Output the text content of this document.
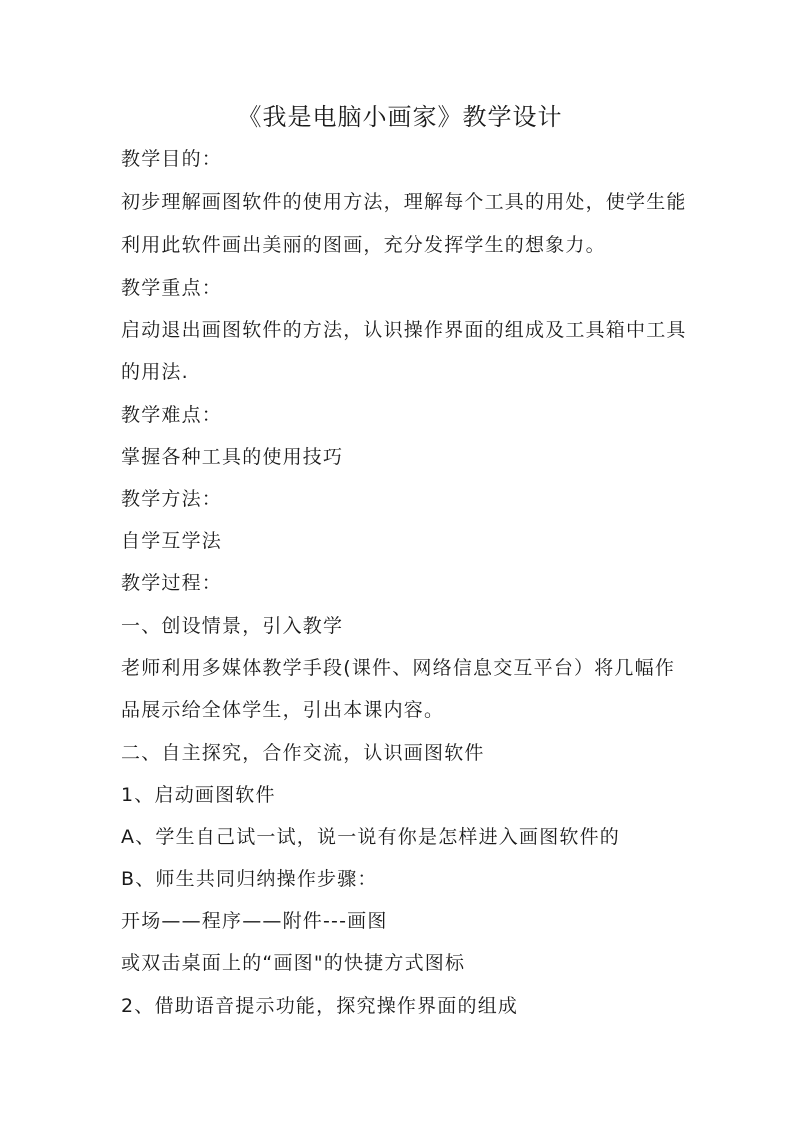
《我是电脑小画家》教学设计
教学目的：
初步理解画图软件的使用方法，理解每个工具的用处，使学生能
利用此软件画出美丽的图画，充分发挥学生的想象力。
教学重点：
启动退出画图软件的方法，认识操作界面的组成及工具箱中工具
的用法.
教学难点：
掌握各种工具的使用技巧
教学方法：
自学互学法
教学过程：
一、创设情景，引入教学
老师利用多媒体教学手段(课件、网络信息交互平台）将几幅作
品展示给全体学生，引出本课内容。
二、自主探究，合作交流，认识画图软件
1、启动画图软件
A、学生自己试一试，说一说有你是怎样进入画图软件的
B、师生共同归纳操作步骤：
开场——程序——附件---画图
或双击桌面上的“画图"的快捷方式图标
2、借助语音提示功能，探究操作界面的组成
